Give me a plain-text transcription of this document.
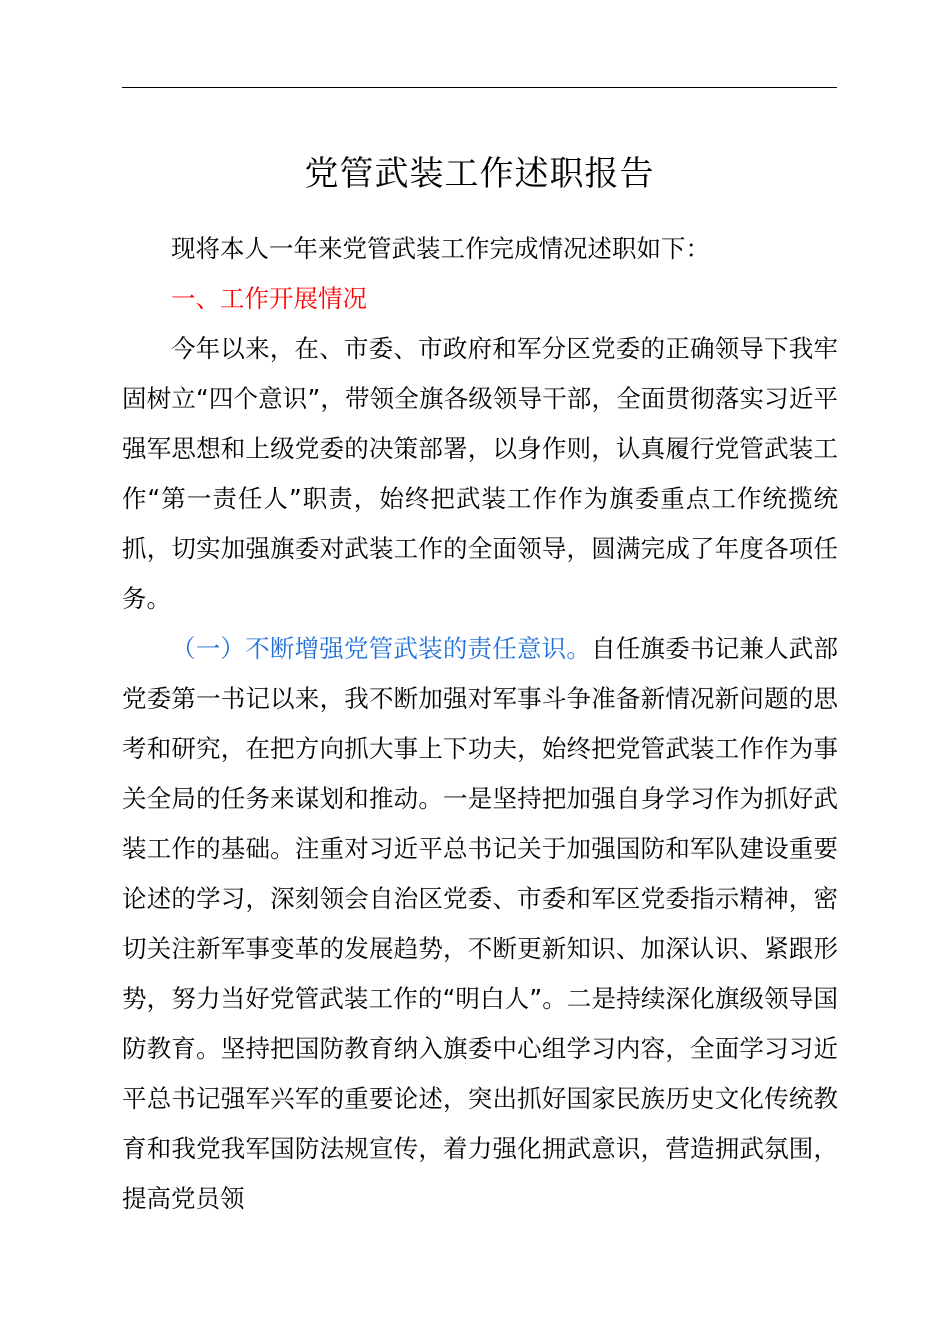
党管武装工作述职报告

现将本人一年来党管武装工作完成情况述职如下：

一、工作开展情况

今年以来，在、市委、市政府和军分区党委的正确领导下我牢固树立“四个意识”，带领全旗各级领导干部，全面贯彻落实习近平强军思想和上级党委的决策部署，以身作则，认真履行党管武装工作“第一责任人”职责，始终把武装工作作为旗委重点工作统揽统抓，切实加强旗委对武装工作的全面领导，圆满完成了年度各项任务。

（一）不断增强党管武装的责任意识。自任旗委书记兼人武部党委第一书记以来，我不断加强对军事斗争准备新情况新问题的思考和研究，在把方向抓大事上下功夫，始终把党管武装工作作为事关全局的任务来谋划和推动。一是坚持把加强自身学习作为抓好武装工作的基础。注重对习近平总书记关于加强国防和军队建设重要论述的学习，深刻领会自治区党委、市委和军区党委指示精神，密切关注新军事变革的发展趋势，不断更新知识、加深认识、紧跟形势，努力当好党管武装工作的“明白人”。二是持续深化旗级领导国防教育。坚持把国防教育纳入旗委中心组学习内容，全面学习习近平总书记强军兴军的重要论述，突出抓好国家民族历史文化传统教育和我党我军国防法规宣传，着力强化拥武意识，营造拥武氛围，提高党员领
